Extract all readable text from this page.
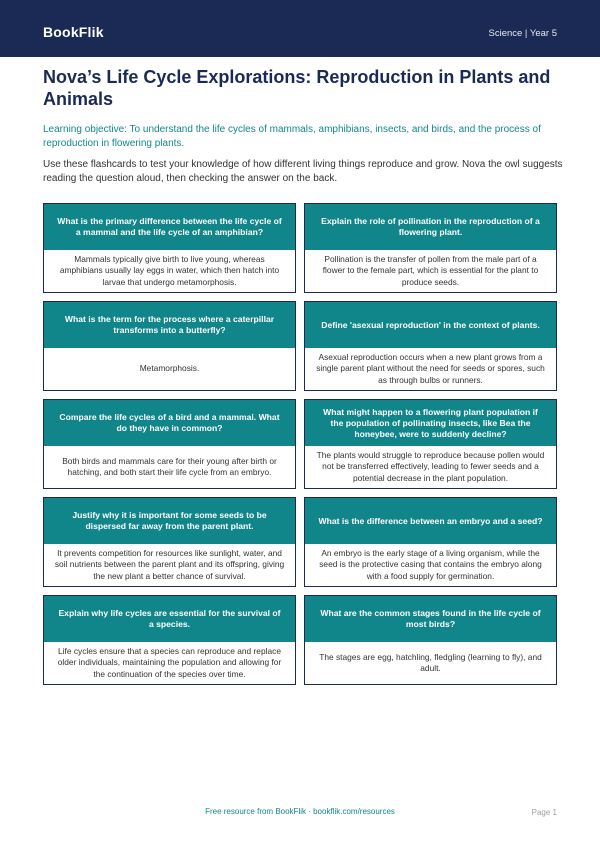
BookFlik	Science | Year 5
Nova’s Life Cycle Explorations: Reproduction in Plants and Animals

Learning objective: To understand the life cycles of mammals, amphibians, insects, and birds, and the process of reproduction in flowering plants.

Use these flashcards to test your knowledge of how different living things reproduce and grow. Nova the owl suggests reading the question aloud, then checking the answer on the back.

What is the primary difference between the life cycle of a mammal and the life cycle of an amphibian?
Mammals typically give birth to live young, whereas amphibians usually lay eggs in water, which then hatch into larvae that undergo metamorphosis.
Explain the role of pollination in the reproduction of a flowering plant.
Pollination is the transfer of pollen from the male part of a flower to the female part, which is essential for the plant to produce seeds.
What is the term for the process where a caterpillar transforms into a butterfly?
Metamorphosis.
Define 'asexual reproduction' in the context of plants.
Asexual reproduction occurs when a new plant grows from a single parent plant without the need for seeds or spores, such as through bulbs or runners.
Compare the life cycles of a bird and a mammal. What do they have in common?
Both birds and mammals care for their young after birth or hatching, and both start their life cycle from an embryo.
What might happen to a flowering plant population if the population of pollinating insects, like Bea the honeybee, were to suddenly decline?
The plants would struggle to reproduce because pollen would not be transferred effectively, leading to fewer seeds and a potential decrease in the plant population.
Justify why it is important for some seeds to be dispersed far away from the parent plant.
It prevents competition for resources like sunlight, water, and soil nutrients between the parent plant and its offspring, giving the new plant a better chance of survival.
What is the difference between an embryo and a seed?
An embryo is the early stage of a living organism, while the seed is the protective casing that contains the embryo along with a food supply for germination.
Explain why life cycles are essential for the survival of a species.
Life cycles ensure that a species can reproduce and replace older individuals, maintaining the population and allowing for the continuation of the species over time.
What are the common stages found in the life cycle of most birds?
The stages are egg, hatchling, fledgling (learning to fly), and adult.
Free resource from BookFlik · bookflik.com/resources	Page 1
